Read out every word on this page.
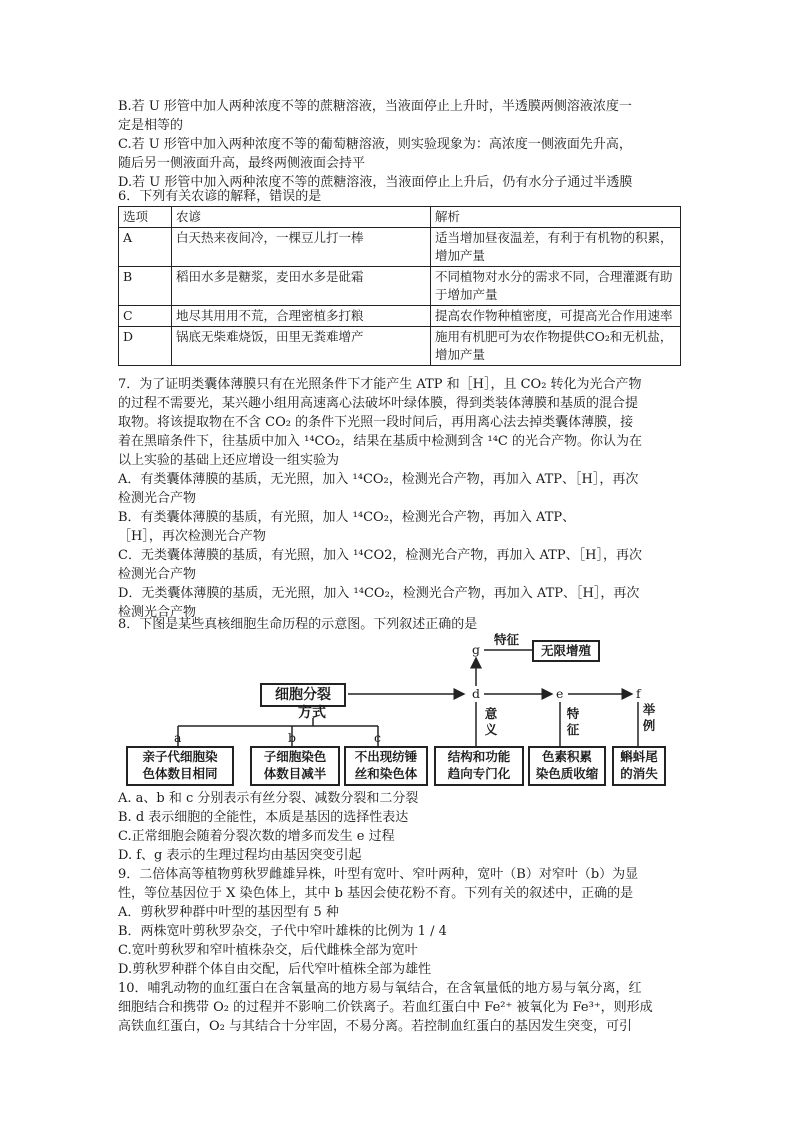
B.若 U 形管中加人两种浓度不等的蔗糖溶液，当液面停止上升时，半透膜两侧溶液浓度一
定是相等的
C.若 U 形管中加入两种浓度不等的葡萄糖溶液，则实验现象为：高浓度一侧液面先升高，
随后另一侧液面升高，最终两侧液面会持平
D.若 U 形管中加入两种浓度不等的蔗糖溶液，当液面停止上升后，仍有水分子通过半透膜
6．下列有关农谚的解释，错误的是
选项	农谚	解析
A	白天热来夜间冷，一棵豆儿打一棒	适当增加昼夜温差，有利于有机物的积累，增加产量
B	稻田水多是糖浆，麦田水多是砒霜	不同植物对水分的需求不同，合理灌溉有助于增加产量
C	地尽其用用不荒，合理密植多打粮	提高农作物种植密度，可提高光合作用速率
D	锅底无柴难烧饭，田里无粪难增产	施用有机肥可为农作物提供CO₂和无机盐，增加产量
7．为了证明类囊体薄膜只有在光照条件下才能产生 ATP 和［H］，且 CO₂ 转化为光合产物
的过程不需要光，某兴趣小组用高速离心法破坏叶绿体膜，得到类装体薄膜和基质的混合提
取物。将该提取物在不含 CO₂ 的条件下光照一段时间后，再用离心法去掉类囊体薄膜，接
着在黑暗条件下，往基质中加入 ¹⁴CO₂，结果在基质中检测到含 ¹⁴C 的光合产物。你认为在
以上实验的基础上还应增设一组实验为
A．有类囊体薄膜的基质，无光照，加入 ¹⁴CO₂，检测光合产物，再加入 ATP、［H］，再次
检测光合产物
B．有类囊体薄膜的基质，有光照，加人 ¹⁴CO₂，检测光合产物，再加入 ATP、
［H］，再次检测光合产物
C．无类囊体薄膜的基质，有光照，加入 ¹⁴CO2，检测光合产物，再加入 ATP、［H］，再次
检测光合产物
D．无类囊体薄膜的基质，无光照，加入 ¹⁴CO₂，检测光合产物，再加入 ATP、［H］，再次
检测光合产物
8．下图是某些真核细胞生命历程的示意图。下列叙述正确的是
细胞分裂
方式
a	b	c
亲子代细胞染
色体数目相同
子细胞染色
体数目减半
不出现纺锤
丝和染色体
d
g
特征
无限增殖
e	f
意义
特征
举例
结构和功能
趋向专门化
色素积累
染色质收缩
蝌蚪尾
的消失
A. a、b 和 c 分别表示有丝分裂、减数分裂和二分裂
B. d 表示细胞的全能性，本质是基因的选择性表达
C.正常细胞会随着分裂次数的增多而发生 e 过程
D. f、g 表示的生理过程均由基因突变引起
9．二倍体高等植物剪秋罗雌雄异株，叶型有宽叶、窄叶两种，宽叶（B）对窄叶（b）为显
性，等位基因位于 X 染色体上，其中 b 基因会使花粉不育。下列有关的叙述中，正确的是
A．剪秋罗种群中叶型的基因型有 5 种
B．两株宽叶剪秋罗杂交，子代中窄叶雄株的比例为 1 / 4
C.宽叶剪秋罗和窄叶植株杂交，后代雌株全部为宽叶
D.剪秋罗种群个体自由交配，后代窄叶植株全部为雄性
10．哺乳动物的血红蛋白在含氧量高的地方易与氧结合，在含氧量低的地方易与氧分离，红
细胞结合和携带 O₂ 的过程并不影响二价铁离子。若血红蛋白中 Fe²⁺ 被氧化为 Fe³⁺，则形成
高铁血红蛋白，O₂ 与其结合十分牢固，不易分离。若控制血红蛋白的基因发生突变，可引
